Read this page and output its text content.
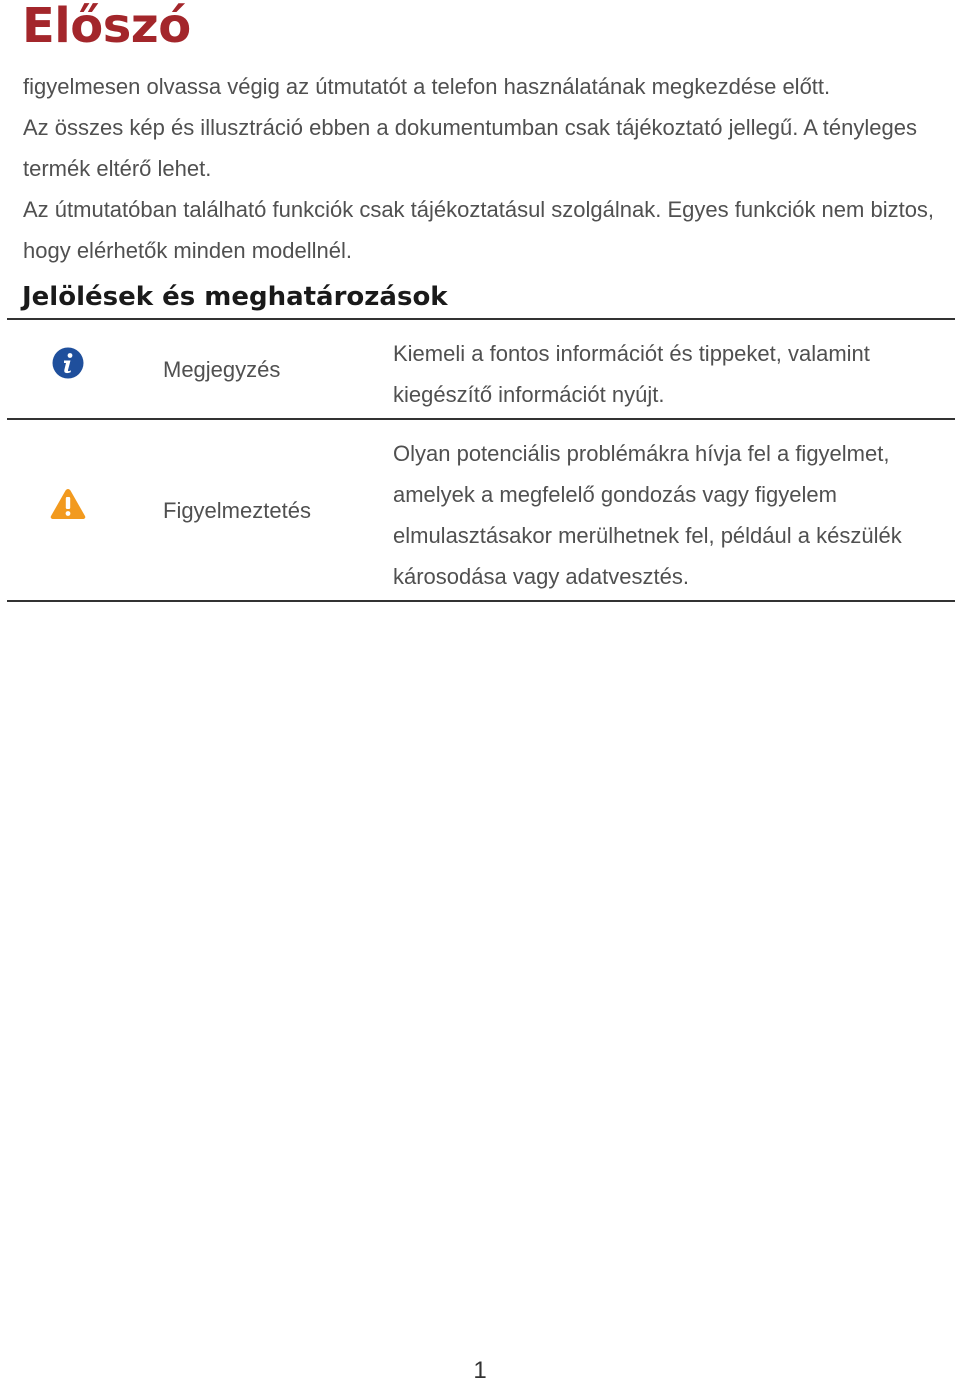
Előszó

figyelmesen olvassa végig az útmutatót a telefon használatának megkezdése előtt.

Az összes kép és illusztráció ebben a dokumentumban csak tájékoztató jellegű. A tényleges termék eltérő lehet.

Az útmutatóban található funkciók csak tájékoztatásul szolgálnak. Egyes funkciók nem biztos, hogy elérhetők minden modellnél.

Jelölések és meghatározások
	Megjegyzés	Kiemeli a fontos információt és tippeket, valamint kiegészítő információt nyújt.
	Figyelmeztetés	Olyan potenciális problémákra hívja fel a figyelmet, amelyek a megfelelő gondozás vagy figyelem elmulasztásakor merülhetnek fel, például a készülék károsodása vagy adatvesztés.
1
